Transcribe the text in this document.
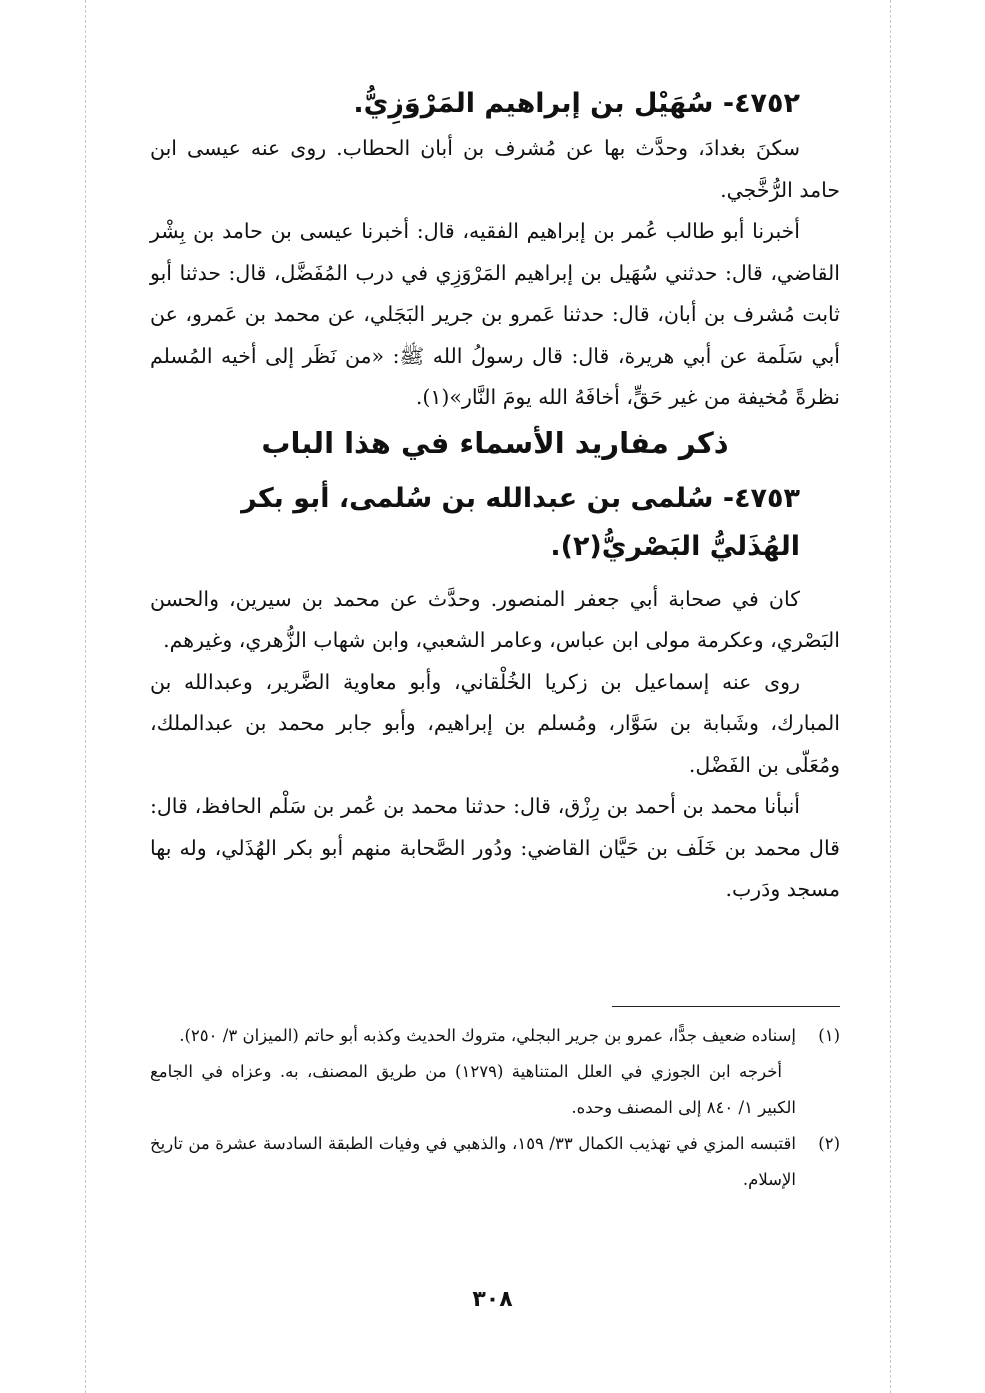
٤٧٥٢- سُهَيْل بن إبراهيم المَرْوَزِيُّ.

سكنَ بغدادَ، وحدَّث بها عن مُشرف بن أبان الحطاب. روى عنه عيسى ابن حامد الرُّخَّجي.

أخبرنا أبو طالب عُمر بن إبراهيم الفقيه، قال: أخبرنا عيسى بن حامد بن بِشْر القاضي، قال: حدثني سُهَيل بن إبراهيم المَرْوَزِي في درب المُفَضَّل، قال: حدثنا أبو ثابت مُشرف بن أبان، قال: حدثنا عَمرو بن جرير البَجَلي، عن محمد بن عَمرو، عن أبي سَلَمة عن أبي هريرة، قال: قال رسولُ الله ﷺ: «من نَظَر إلى أخيه المُسلم نظرةً مُخيفة من غير حَقٍّ، أخافَهُ الله يومَ النَّار»(١).

ذكر مفاريد الأسماء في هذا الباب
٤٧٥٣- سُلمى بن عبدالله بن سُلمى، أبو بكر الهُذَليُّ البَصْريُّ(٢).

كان في صحابة أبي جعفر المنصور. وحدَّث عن محمد بن سيرين، والحسن البَصْري، وعكرمة مولى ابن عباس، وعامر الشعبي، وابن شهاب الزُّهري، وغيرهم.

روى عنه إسماعيل بن زكريا الخُلْقاني، وأبو معاوية الضَّرير، وعبدالله بن المبارك، وشَبابة بن سَوَّار، ومُسلم بن إبراهيم، وأبو جابر محمد بن عبدالملك، ومُعَلّى بن الفَضْل.

أنبأنا محمد بن أحمد بن رِزْق، قال: حدثنا محمد بن عُمر بن سَلْم الحافظ، قال: قال محمد بن خَلَف بن حَيَّان القاضي: ودُور الصَّحابة منهم أبو بكر الهُذَلي، وله بها مسجد ودَرب.

(١)
إسناده ضعيف جدًّا، عمرو بن جرير البجلي، متروك الحديث وكذبه أبو حاتم (الميزان ٣/ ٢٥٠).

أخرجه ابن الجوزي في العلل المتناهية (١٢٧٩) من طريق المصنف، به. وعزاه في الجامع الكبير ١/ ٨٤٠ إلى المصنف وحده.

(٢)
اقتبسه المزي في تهذيب الكمال ٣٣/ ١٥٩، والذهبي في وفيات الطبقة السادسة عشرة من تاريخ الإسلام.
٣٠٨
